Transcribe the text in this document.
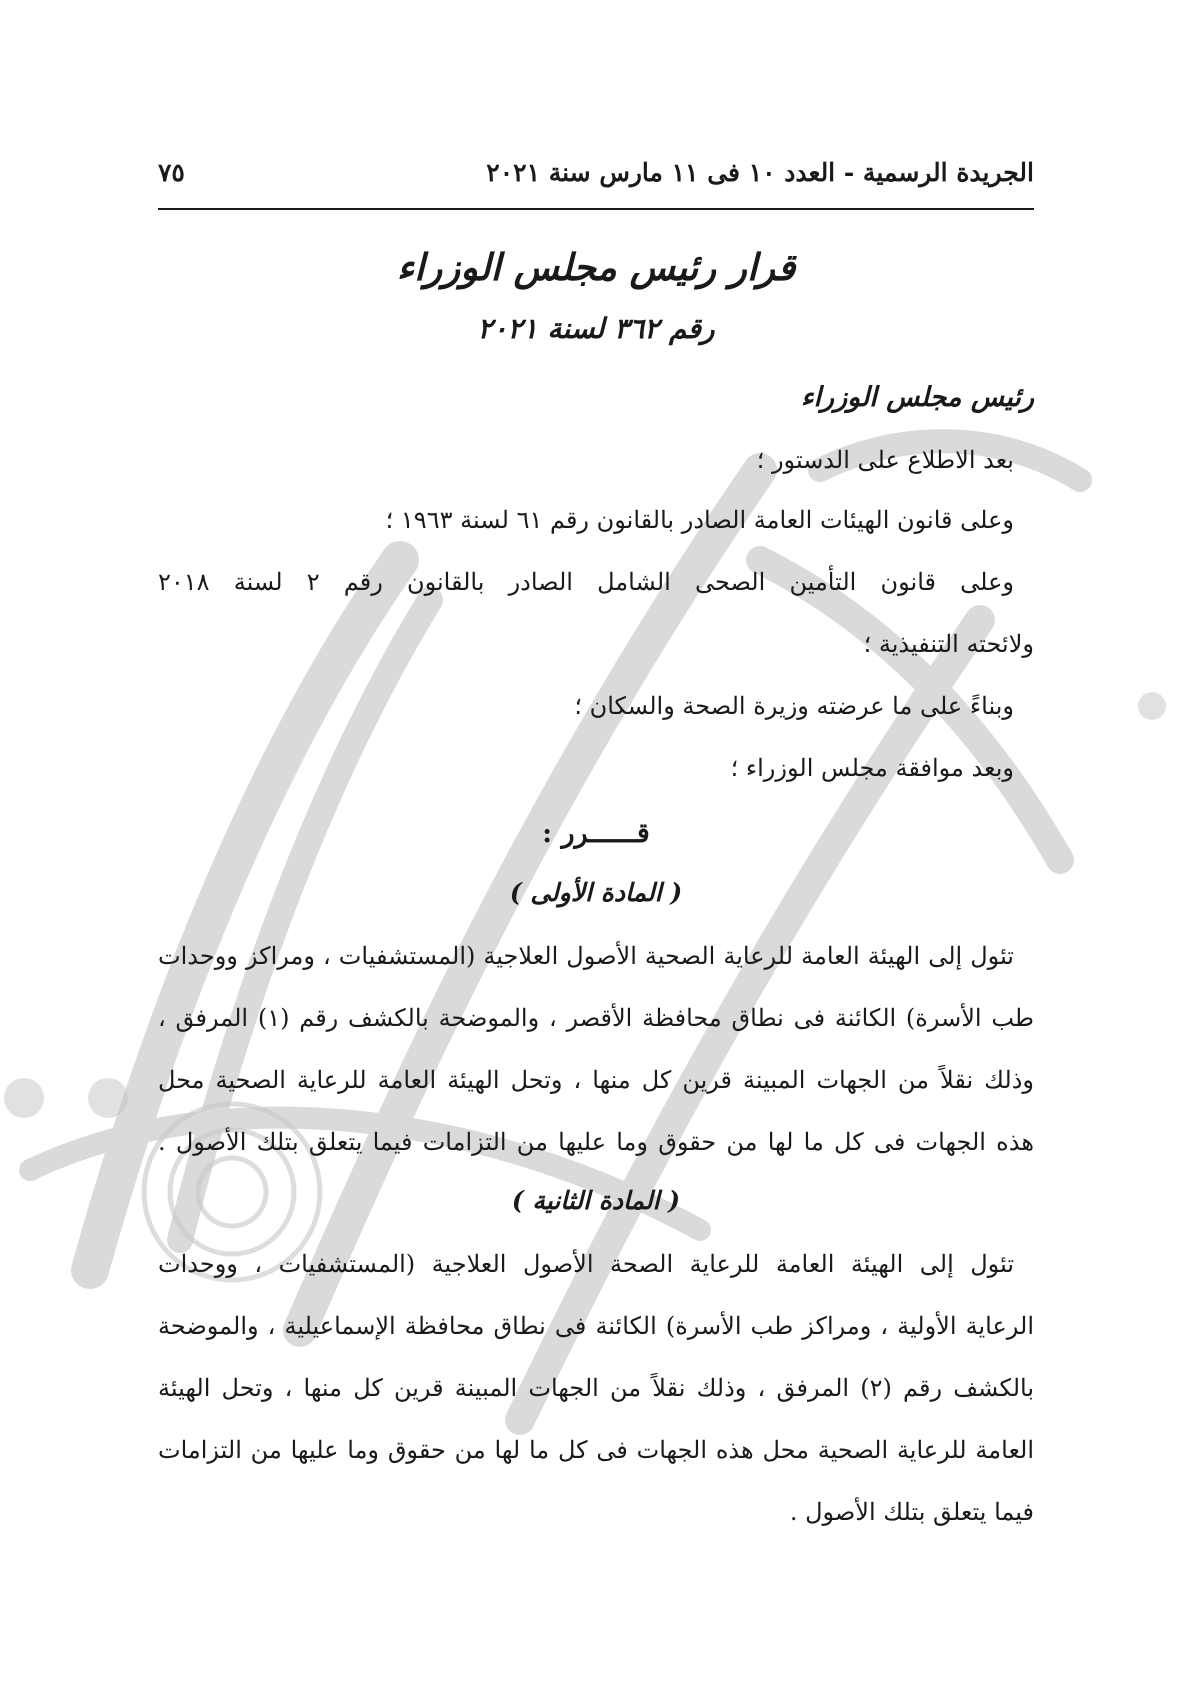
الجريدة الرسمية - العدد ١٠ فى ١١ مارس سنة ٢٠٢١
٧٥
قرار رئيس مجلس الوزراء
رقم ٣٦٢ لسنة ٢٠٢١
رئيس مجلس الوزراء
بعد الاطلاع على الدستور ؛
وعلى قانون الهيئات العامة الصادر بالقانون رقم ٦١ لسنة ١٩٦٣ ؛
وعلى قانون التأمين الصحى الشامل الصادر بالقانون رقم ٢ لسنة ٢٠١٨
ولائحته التنفيذية ؛
وبناءً على ما عرضته وزيرة الصحة والسكان ؛
وبعد موافقة مجلس الوزراء ؛
قــــــرر :
( المادة الأولى )
تئول إلى الهيئة العامة للرعاية الصحية الأصول العلاجية (المستشفيات ، ومراكز ووحدات
طب الأسرة) الكائنة فى نطاق محافظة الأقصر ، والموضحة بالكشف رقم (١) المرفق ،
وذلك نقلاً من الجهات المبينة قرين كل منها ، وتحل الهيئة العامة للرعاية الصحية محل
هذه الجهات فى كل ما لها من حقوق وما عليها من التزامات فيما يتعلق بتلك الأصول .
( المادة الثانية )
تئول إلى الهيئة العامة للرعاية الصحة الأصول العلاجية (المستشفيات ، ووحدات
الرعاية الأولية ، ومراكز طب الأسرة) الكائنة فى نطاق محافظة الإسماعيلية ، والموضحة
بالكشف رقم (٢) المرفق ، وذلك نقلاً من الجهات المبينة قرين كل منها ، وتحل الهيئة
العامة للرعاية الصحية محل هذه الجهات فى كل ما لها من حقوق وما عليها من التزامات
فيما يتعلق بتلك الأصول .
